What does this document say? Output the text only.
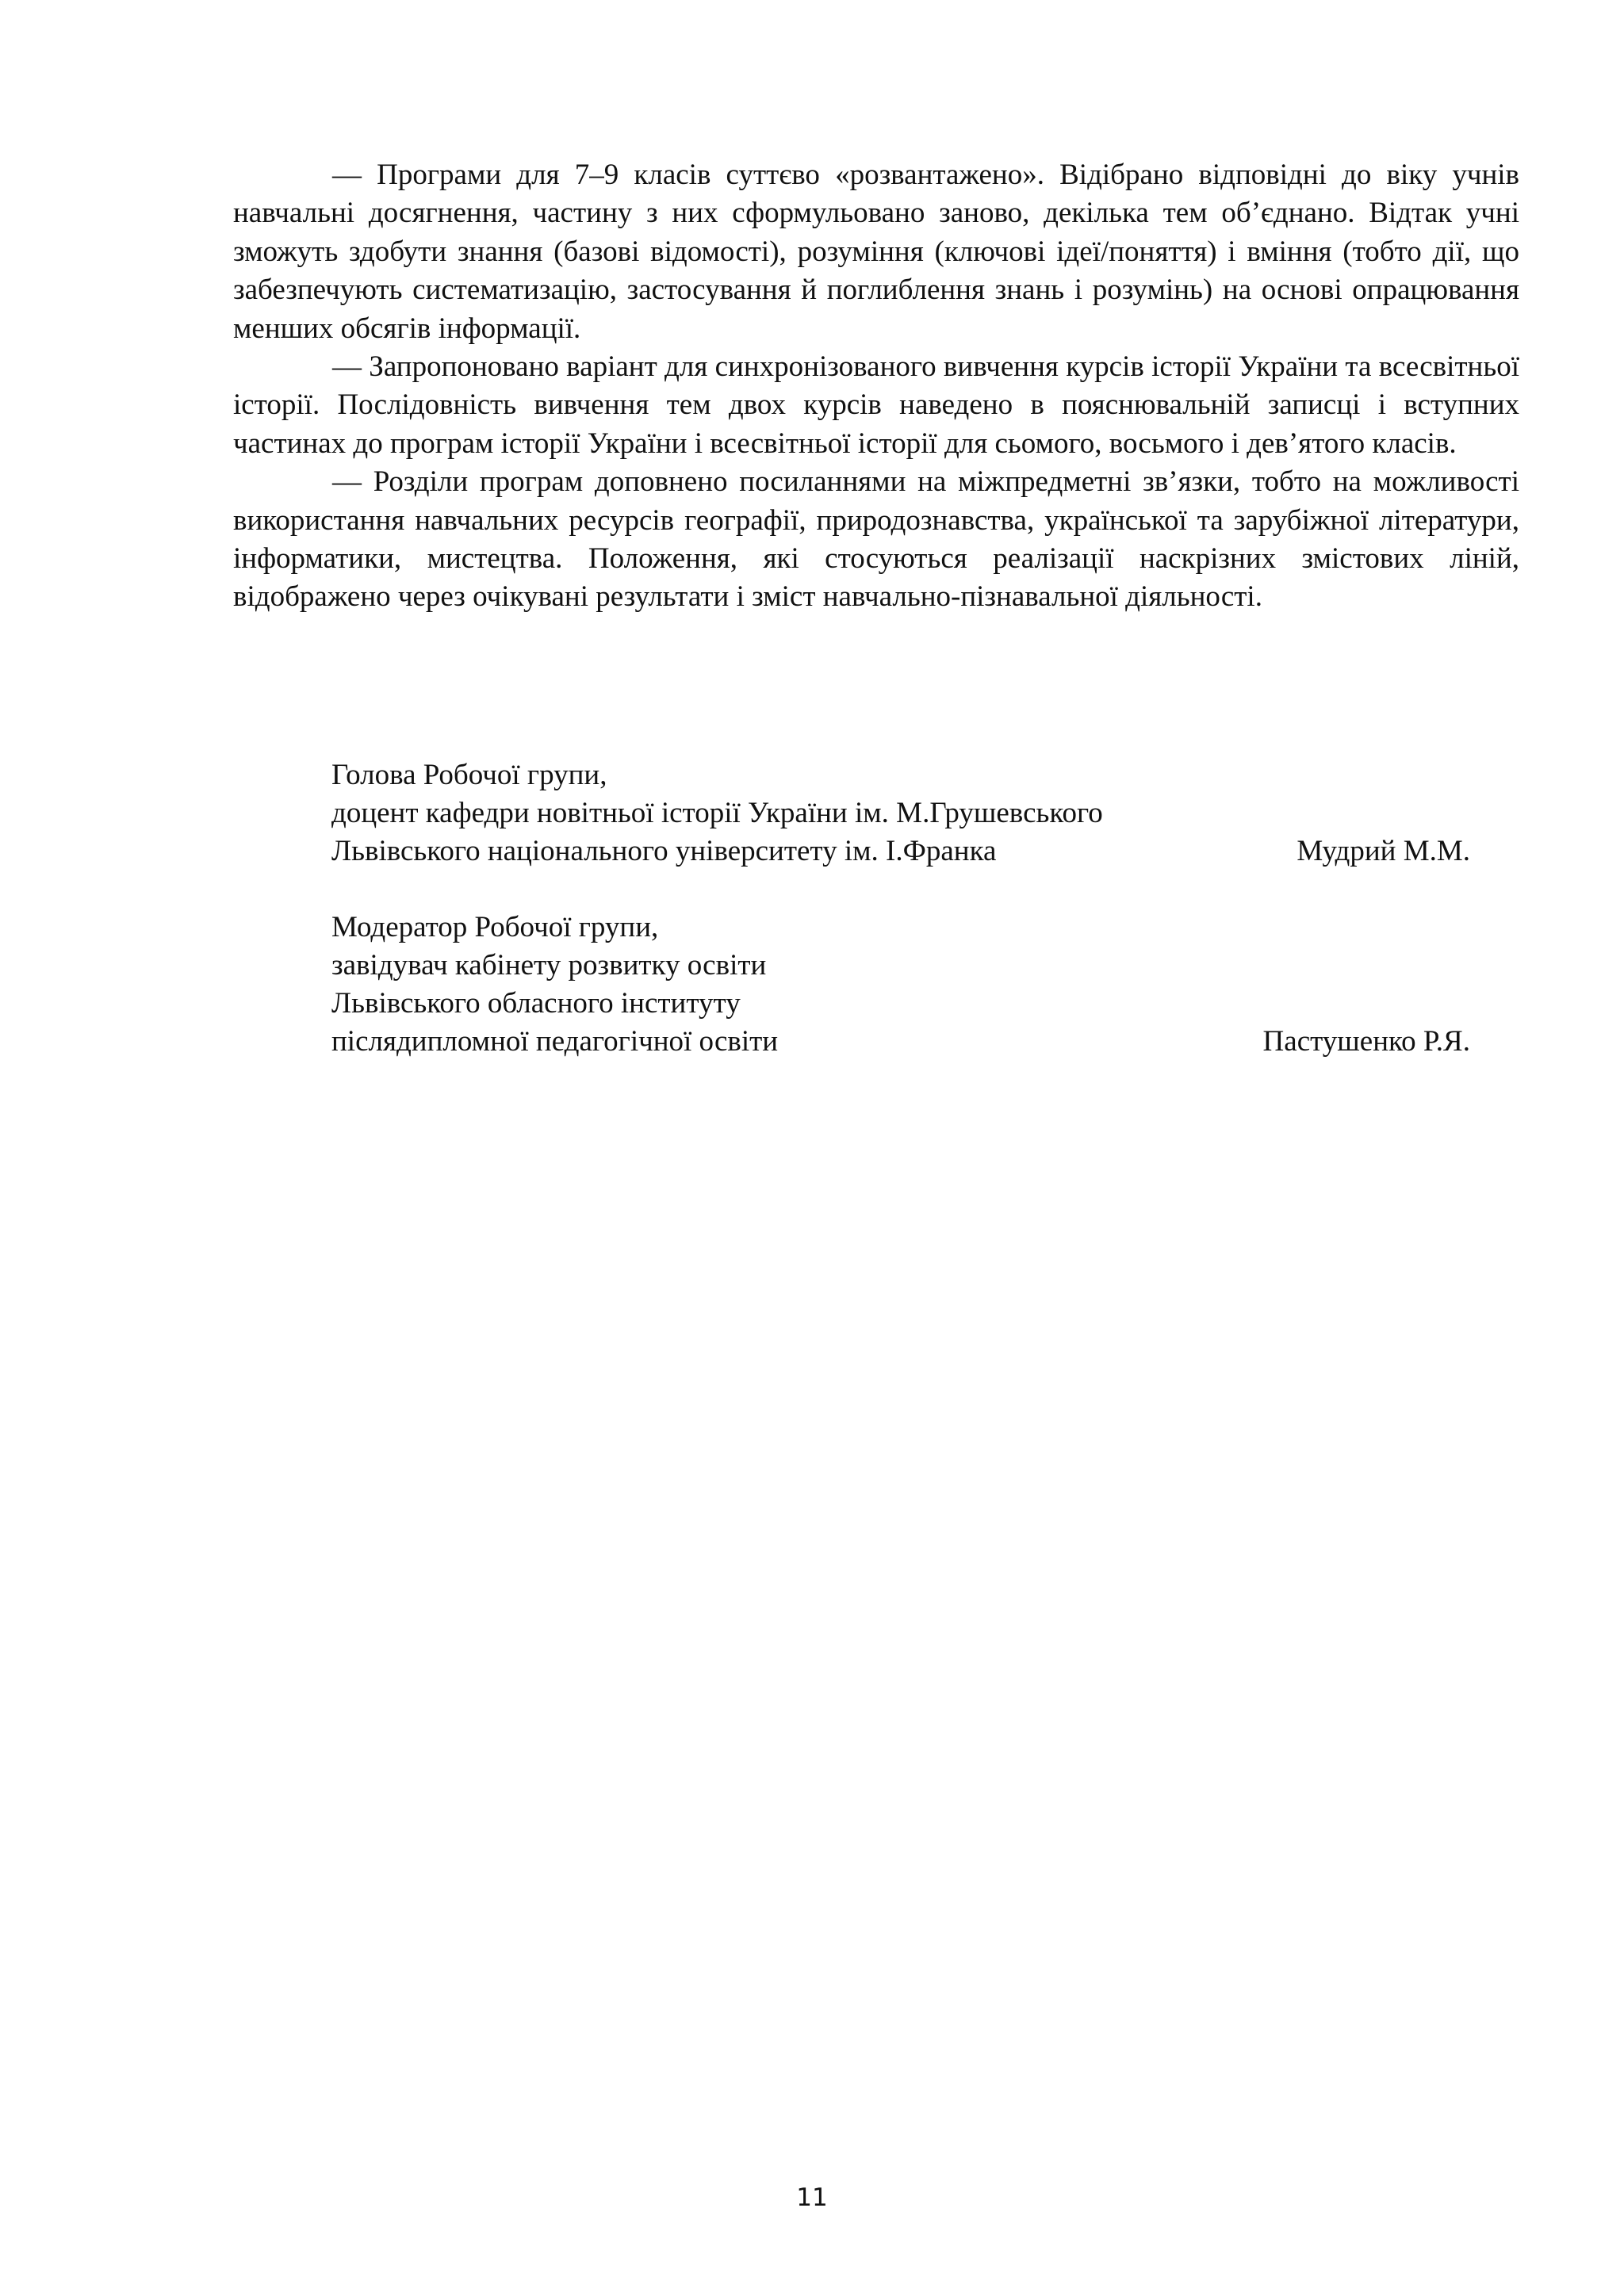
— Програми для 7–9 класів суттєво «розвантажено». Відібрано відповідні до віку учнів навчальні досягнення, частину з них сформульовано заново, декілька тем об’єднано. Відтак учні зможуть здобути знання (базові відомості), розуміння (ключові ідеї/поняття) і вміння (тобто дії, що забезпечують систематизацію, застосування й поглиблення знань і розумінь) на основі опрацювання менших обсягів інформації.

— Запропоновано варіант для синхронізованого вивчення курсів історії України та всесвітньої історії. Послідовність вивчення тем двох курсів наведено в пояснювальній записці і вступних частинах до програм історії України і всесвітньої історії для сьомого, восьмого і дев’ятого класів.

— Розділи програм доповнено посиланнями на міжпредметні зв’язки, тобто на можливості використання навчальних ресурсів географії, природознавства, української та зарубіжної літератури, інформатики, мистецтва. Положення, які стосуються реалізації наскрізних змістових ліній, відображено через очікувані результати і зміст навчально-пізнавальної діяльності.

Голова Робочої групи,
доцент кафедри новітньої історії України ім. М.Грушевського
Львівського національного університету ім. І.Франка	Мудрий М.М.
Модератор Робочої групи,
завідувач кабінету розвитку освіти
Львівського обласного інституту
післядипломної педагогічної освіти	Пастушенко Р.Я.
11
